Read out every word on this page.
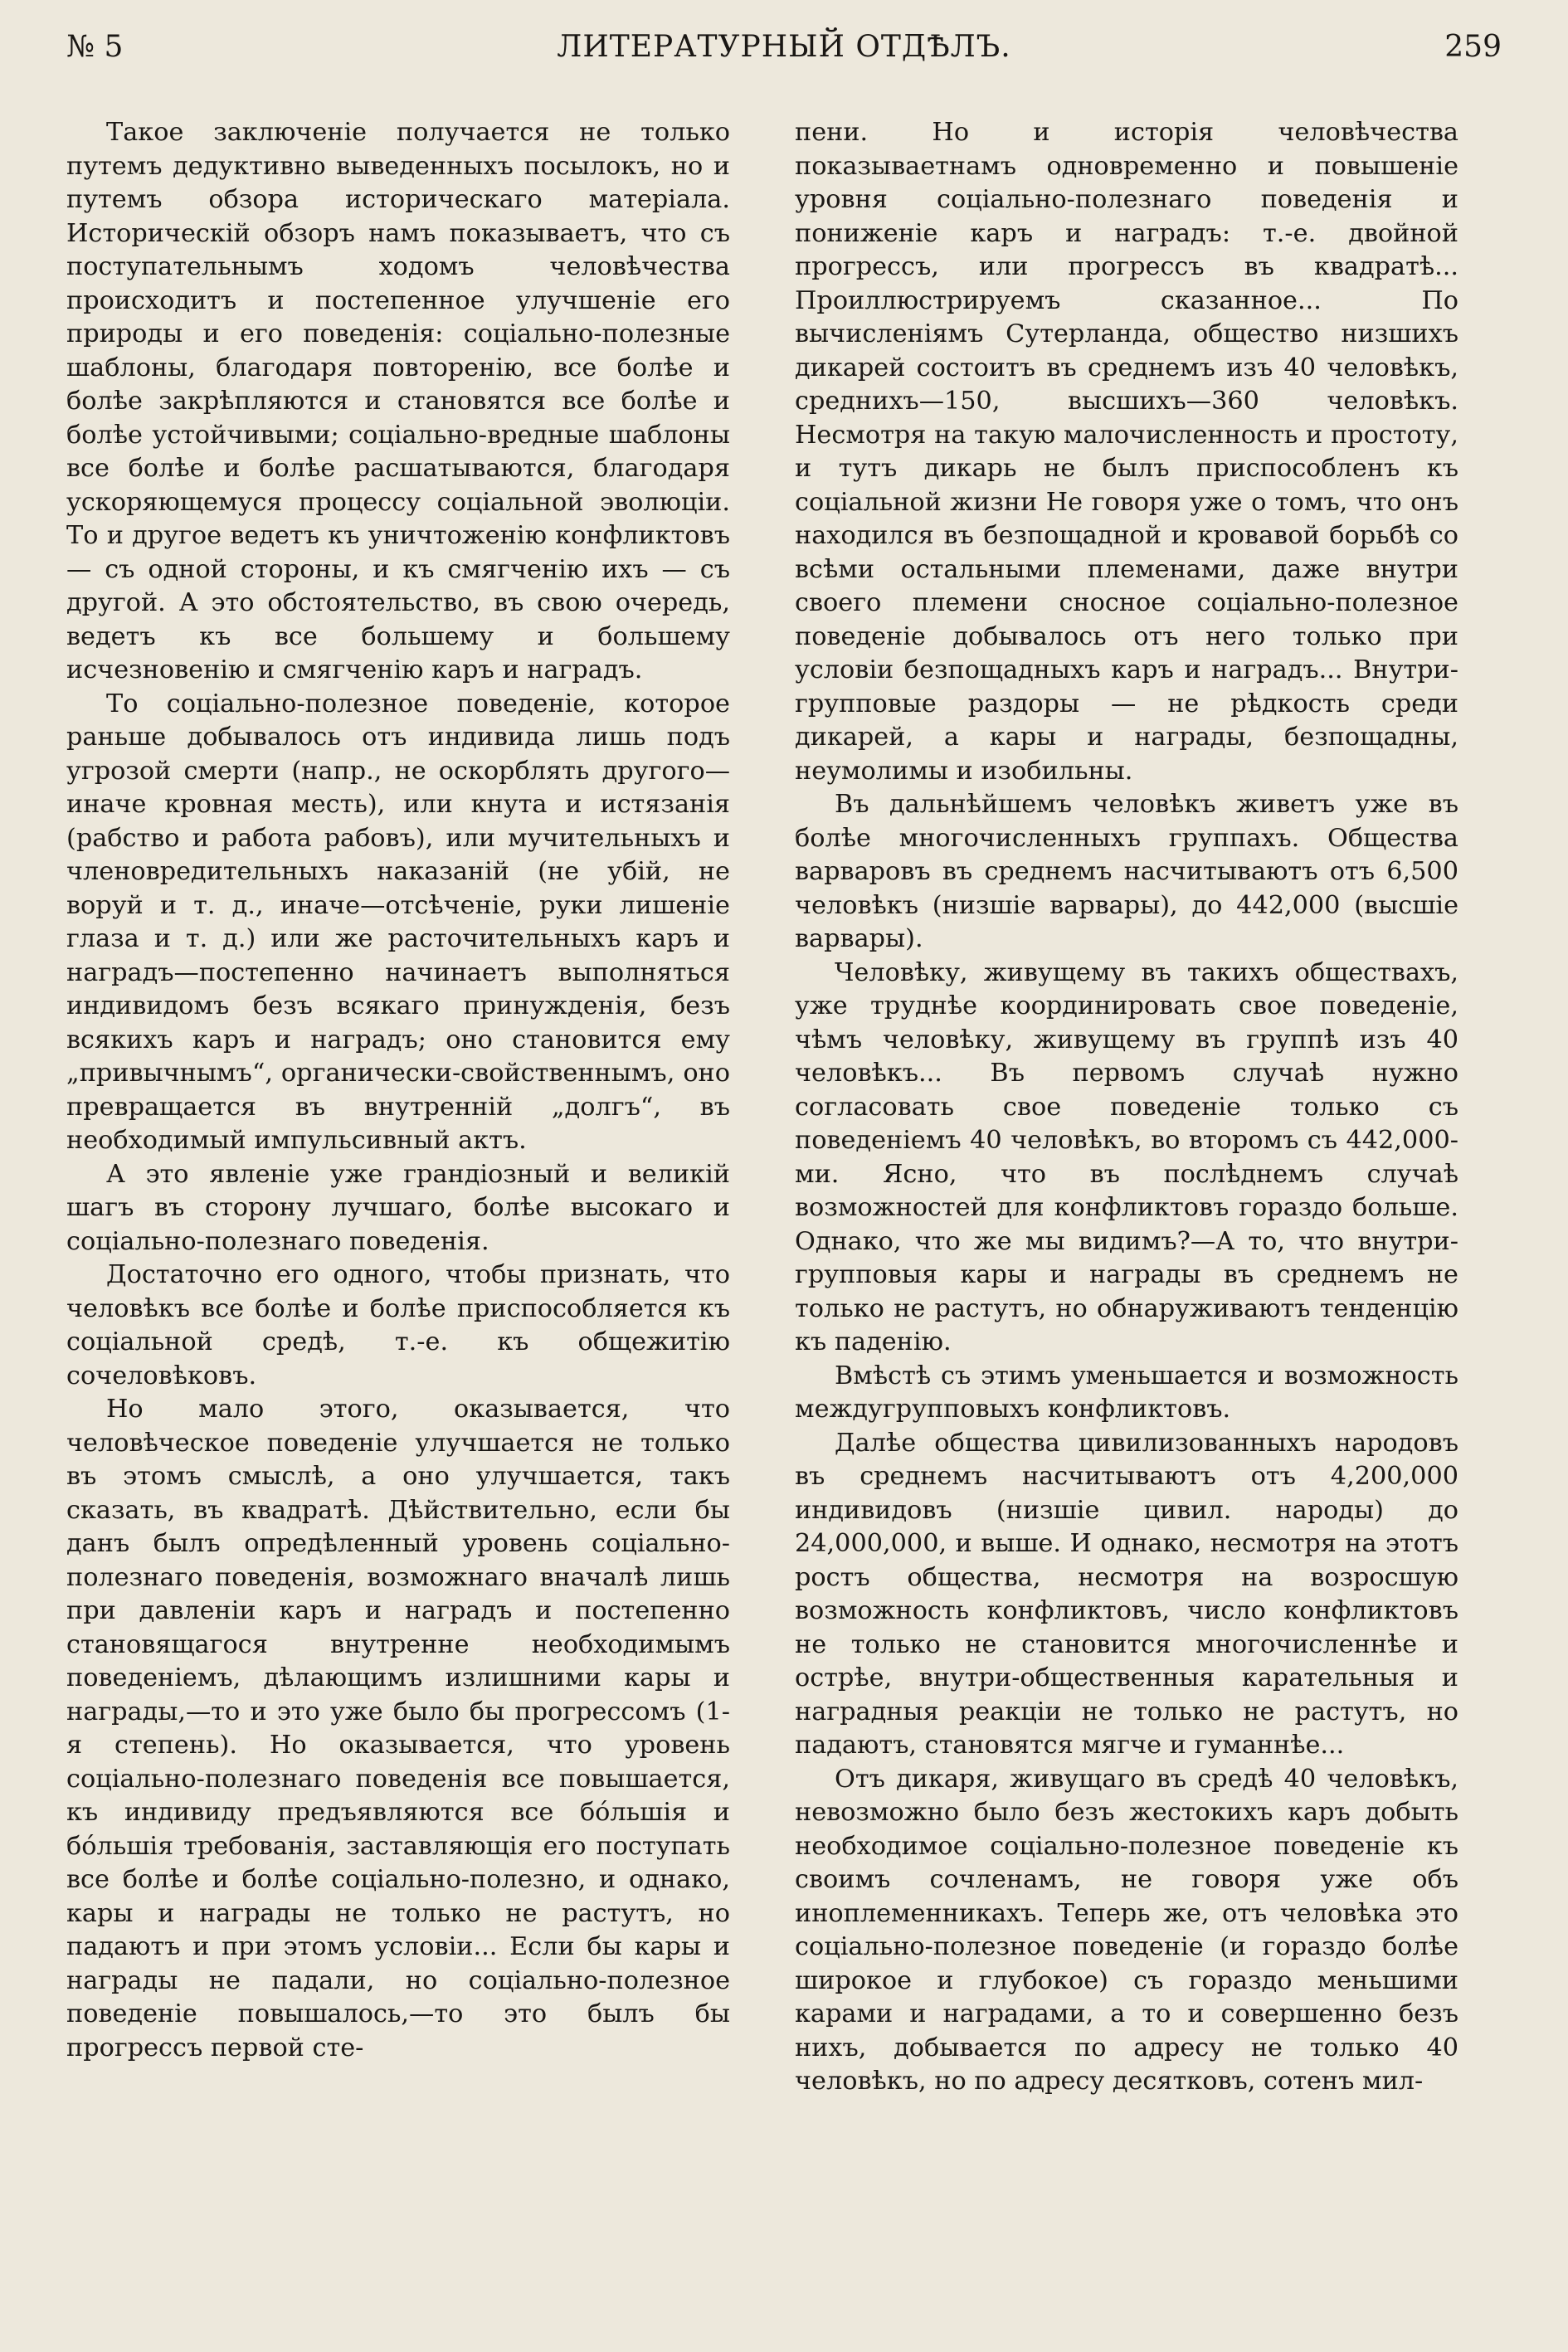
№ 5	ЛИТЕРАТУРНЫЙ ОТДѢЛЪ.	259

Такое заключеніе получается не только путемъ дедуктивно выведенныхъ посылокъ, но и путемъ обзора историческаго матеріала. Историческій обзоръ намъ показываетъ, что съ поступательнымъ ходомъ человѣчества происходитъ и постепенное улучшеніе его природы и его поведенія: соціально-полезные шаблоны, благодаря повторенію, все болѣе и болѣе закрѣпляются и становятся все болѣе и болѣе устойчивыми; соціально-вредные шаблоны все болѣе и болѣе расшатываются, благодаря ускоряющемуся процессу соціальной эволюціи. То и другое ведетъ къ уничтоженію конфликтовъ— съ одной стороны, и къ смягченію ихъ — съ другой. А это обстоятельство, въ свою очередь, ведетъ къ все большему и большему исчезновенію и смягченію каръ и наградъ.

То соціально-полезное поведеніе, которое раньше добывалось отъ индивида лишь подъ угрозой смерти (напр., не оскорблять другого— иначе кровная месть), или кнута и истязанія (рабство и работа рабовъ), или мучительныхъ и членовредительныхъ наказаній (не убій, не воруй и т. д., иначе—отсѣченіе, руки лишеніе глаза и т. д.) или же расточительныхъ каръ и наградъ—постепенно начинаетъ выполняться индивидомъ безъ всякаго принужденія, безъ всякихъ каръ и наградъ; оно становится ему „привычнымъ“, органически-свойственнымъ, оно превращается въ внутренній „долгъ“, въ необходимый импульсивный актъ.

А это явленіе уже грандіозный и великій шагъ въ сторону лучшаго, болѣе высокаго и соціально-полезнаго поведенія.

Достаточно его одного, чтобы признать, что человѣкъ все болѣе и болѣе приспособляется къ соціальной средѣ, т.-е. къ общежитію сочеловѣковъ.

Но мало этого, оказывается, что человѣческое поведеніе улучшается не только въ этомъ смыслѣ, а оно улучшается, такъ сказать, въ квадратѣ. Дѣйствительно, если бы данъ былъ опредѣленный уровень соціально-полезнаго поведенія, возможнаго вначалѣ лишь при давленіи каръ и наградъ и постепенно становящагося внутренне необходимымъ поведеніемъ, дѣлающимъ излишними кары и награды,—то и это уже было бы прогрессомъ (1-я степень). Но оказывается, что уровень соціально-полезнаго поведенія все повышается, къ индивиду предъявляются все бόльшія и бόльшія требованія, заставляющія его поступать все болѣе и болѣе соціально-полезно, и однако, кары и награды не только не растутъ, но падаютъ и при этомъ условіи... Если бы кары и награды не падали, но соціально-полезное поведеніе повышалось,—то это былъ бы прогрессъ первой сте-

пени. Но и исторія человѣчества показываетнамъ одновременно и повышеніе уровня соціально-полезнаго поведенія и пониженіе каръ и наградъ: т.-е. двойной прогрессъ, или прогрессъ въ квадратѣ... Проиллюстрируемъ сказанное... По вычисленіямъ Сутерланда, общество низшихъ дикарей состоитъ въ среднемъ изъ 40 человѣкъ, среднихъ—150, высшихъ—360 человѣкъ. Несмотря на такую малочисленность и простоту, и тутъ дикарь не былъ приспособленъ къ соціальной жизни Не говоря уже о томъ, что онъ находился въ безпощадной и кровавой борьбѣ со всѣми остальными племенами, даже внутри своего племени сносное соціально-полезное поведеніе добывалось отъ него только при условіи безпощадныхъ каръ и наградъ... Внутри-групповые раздоры — не рѣдкость среди дикарей, а кары и награды, безпощадны, неумолимы и изобильны.

Въ дальнѣйшемъ человѣкъ живетъ уже въ болѣе многочисленныхъ группахъ. Общества варваровъ въ среднемъ насчитываютъ отъ 6,500 человѣкъ (низшіе варвары), до 442,000 (высшіе варвары).

Человѣку, живущему въ такихъ обществахъ, уже труднѣе координировать свое поведеніе, чѣмъ человѣку, живущему въ группѣ изъ 40 человѣкъ... Въ первомъ случаѣ нужно согласовать свое поведеніе только съ поведеніемъ 40 человѣкъ, во второмъ съ 442,000-ми. Ясно, что въ послѣднемъ случаѣ возможностей для конфликтовъ гораздо больше. Однако, что же мы видимъ?—А то, что внутри-групповыя кары и награды въ среднемъ не только не растутъ, но обнаруживаютъ тенденцію къ паденію.

Вмѣстѣ съ этимъ уменьшается и возможность междугрупповыхъ конфликтовъ.

Далѣе общества цивилизованныхъ народовъ въ среднемъ насчитываютъ отъ 4,200,000 индивидовъ (низшіе цивил. народы) до 24,000,000, и выше. И однако, несмотря на этотъ ростъ общества, несмотря на возросшую возможность конфликтовъ, число конфликтовъ не только не становится многочисленнѣе и острѣе, внутри-общественныя карательныя и наградныя реакціи не только не растутъ, но падаютъ, становятся мягче и гуманнѣе...

Отъ дикаря, живущаго въ средѣ 40 человѣкъ, невозможно было безъ жестокихъ каръ добыть необходимое соціально-полезное поведеніе къ своимъ сочленамъ, не говоря уже объ иноплеменникахъ. Теперь же, отъ человѣка это соціально-полезное поведеніе (и гораздо болѣе широкое и глубокое) съ гораздо меньшими карами и наградами, а то и совершенно безъ нихъ, добывается по адресу не только 40 человѣкъ, но по адресу десятковъ, сотенъ мил-
